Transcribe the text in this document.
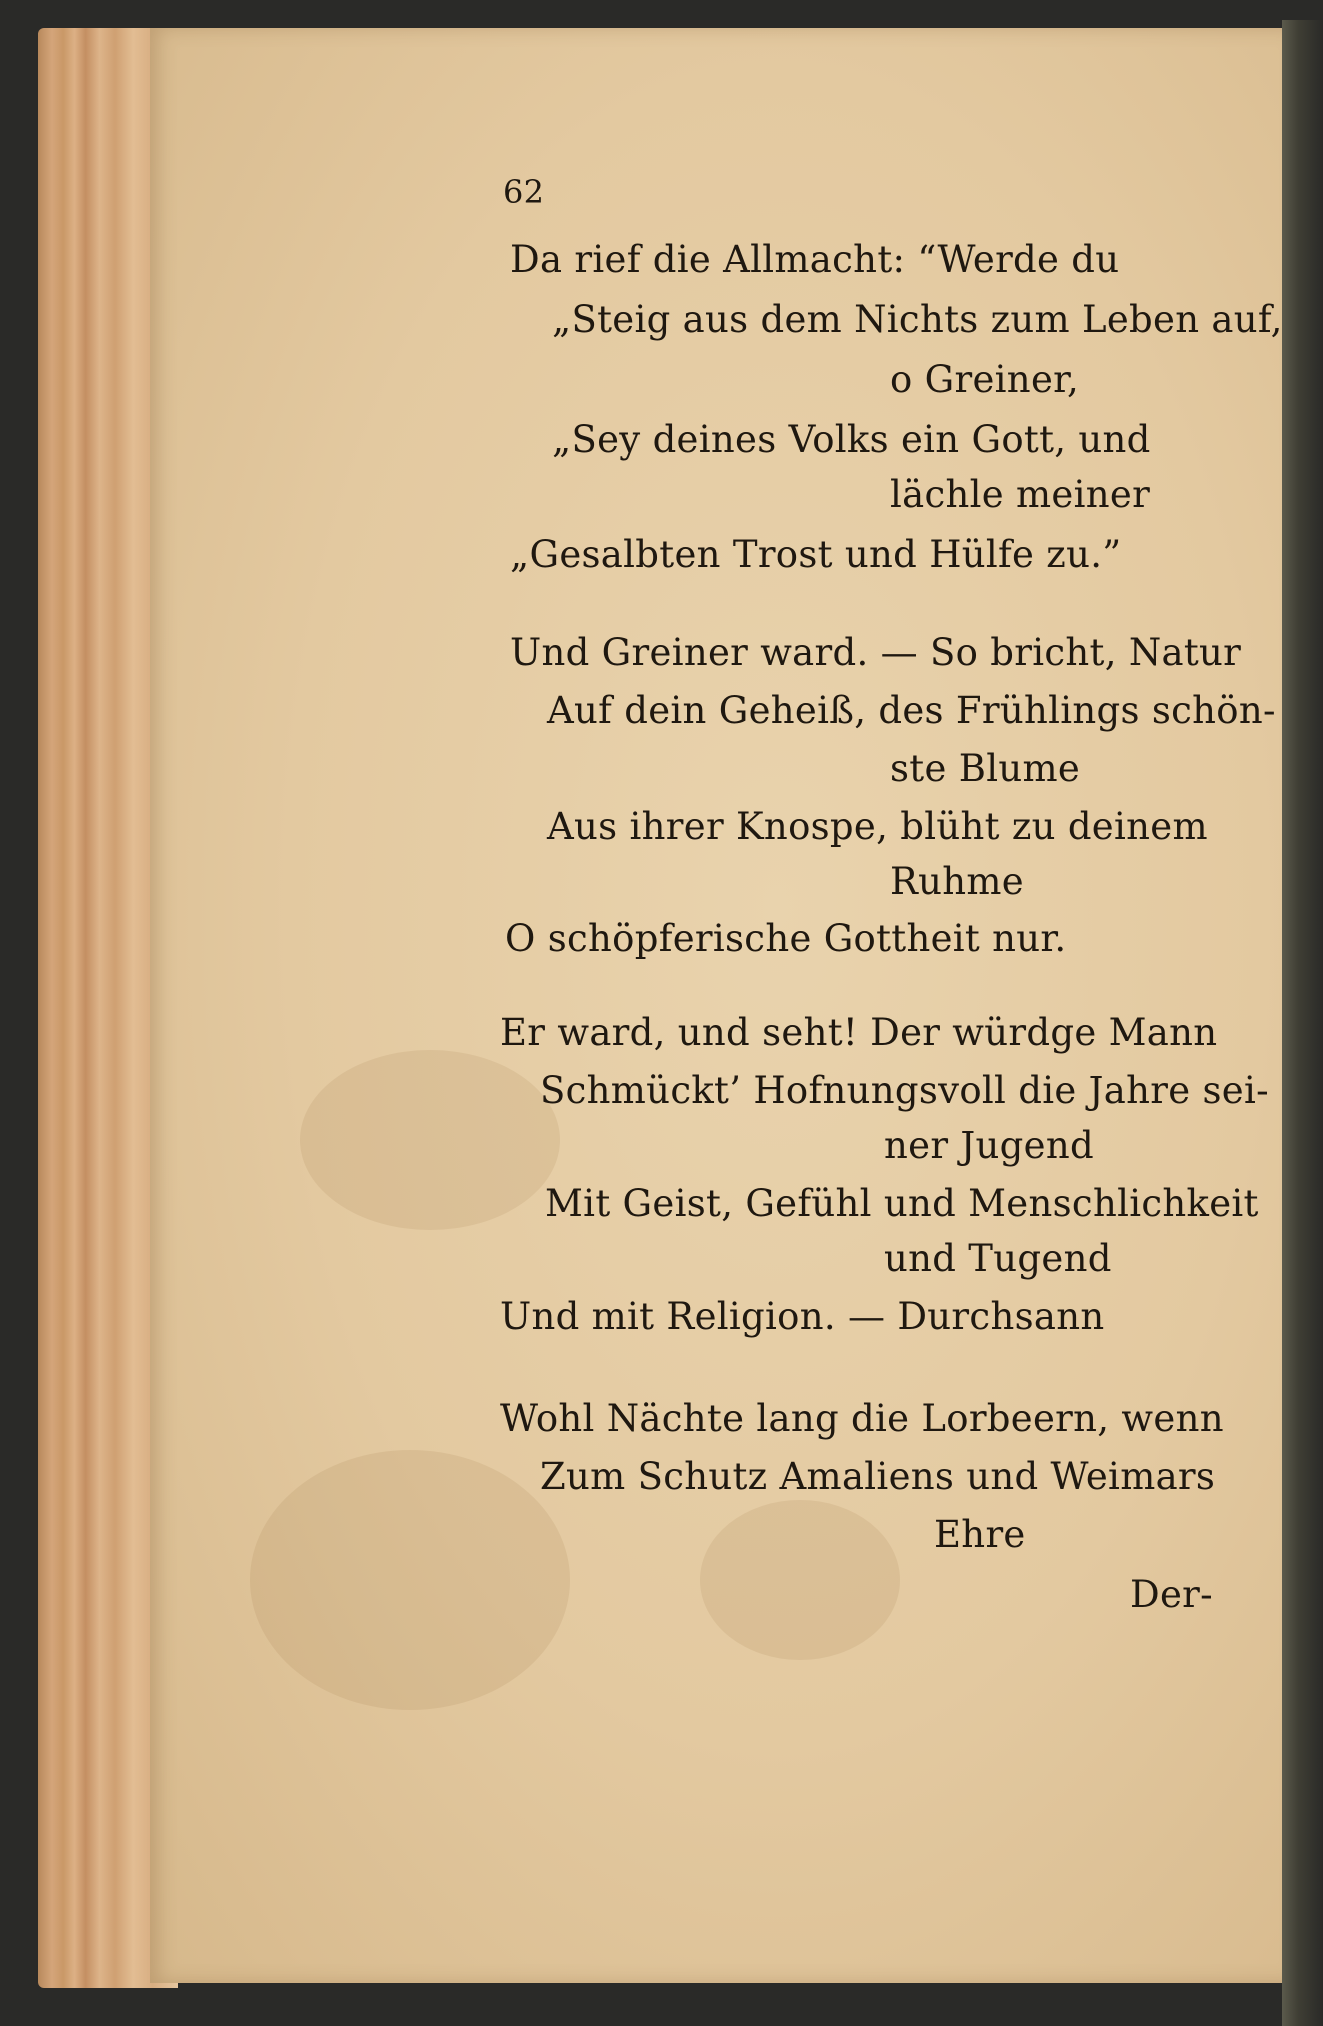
62
Da rief die Allmacht: “Werde du
„Steig aus dem Nichts zum Leben auf,
o Greiner,
„Sey deines Volks ein Gott, und
lächle meiner
„Gesalbten Trost und Hülfe zu.”
Und Greiner ward. — So bricht, Natur
Auf dein Geheiß, des Frühlings schön-
ste Blume
Aus ihrer Knospe, blüht zu deinem
Ruhme
O schöpferische Gottheit nur.
Er ward, und seht! Der würdge Mann
Schmückt’ Hofnungsvoll die Jahre sei-
ner Jugend
Mit Geist, Gefühl und Menschlichkeit
und Tugend
Und mit Religion. — Durchsann
Wohl Nächte lang die Lorbeern, wenn
Zum Schutz Amaliens und Weimars
Ehre
Der-
